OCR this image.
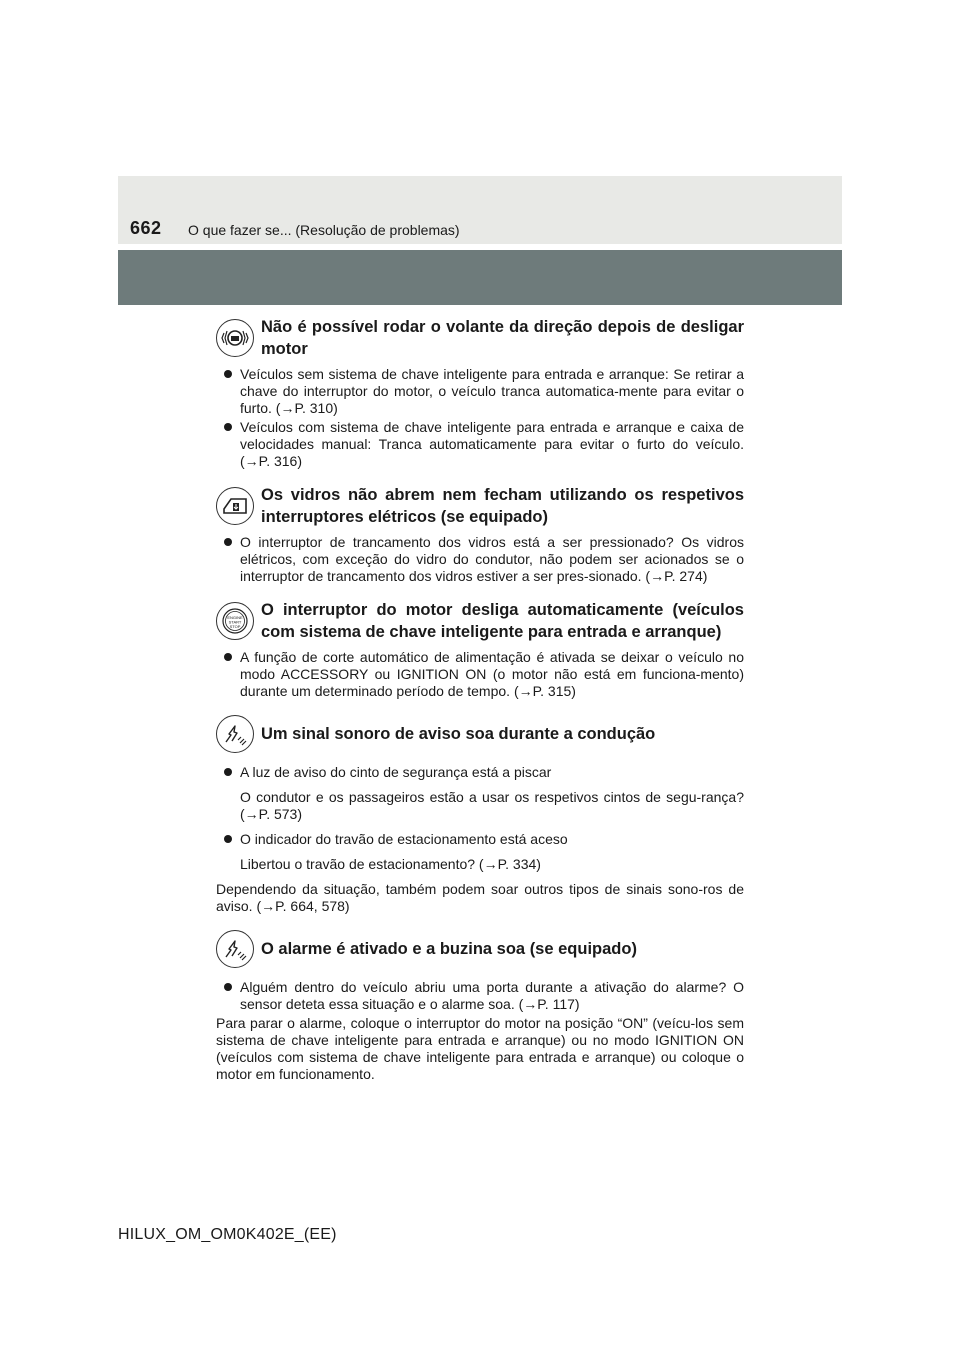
662 O que fazer se... (Resolução de problemas)
Não é possível rodar o volante da direção depois de desligar motor
Veículos sem sistema de chave inteligente para entrada e arranque: Se retirar a chave do interruptor do motor, o veículo tranca automatica-mente para evitar o furto. (→P. 310)
Veículos com sistema de chave inteligente para entrada e arranque e caixa de velocidades manual: Tranca automaticamente para evitar o furto do veículo. (→P. 316)
Os vidros não abrem nem fecham utilizando os respetivos interruptores elétricos (se equipado)
O interruptor de trancamento dos vidros está a ser pressionado? Os vidros elétricos, com exceção do vidro do condutor, não podem ser acionados se o interruptor de trancamento dos vidros estiver a ser pres-sionado. (→P. 274)
ENGINE
START
STOP
O interruptor do motor desliga automaticamente (veículos com sistema de chave inteligente para entrada e arranque)
A função de corte automático de alimentação é ativada se deixar o veículo no modo ACCESSORY ou IGNITION ON (o motor não está em funciona-mento) durante um determinado período de tempo. (→P. 315)
Um sinal sonoro de aviso soa durante a condução
A luz de aviso do cinto de segurança está a piscar
O condutor e os passageiros estão a usar os respetivos cintos de segu-rança? (→P. 573)
O indicador do travão de estacionamento está aceso
Libertou o travão de estacionamento? (→P. 334)
Dependendo da situação, também podem soar outros tipos de sinais sono-ros de aviso. (→P. 664, 578)
O alarme é ativado e a buzina soa (se equipado)
Alguém dentro do veículo abriu uma porta durante a ativação do alarme? O sensor deteta essa situação e o alarme soa. (→P. 117)
Para parar o alarme, coloque o interruptor do motor na posição “ON” (veícu-los sem sistema de chave inteligente para entrada e arranque) ou no modo IGNITION ON (veículos com sistema de chave inteligente para entrada e arranque) ou coloque o motor em funcionamento.
HILUX_OM_OM0K402E_(EE)
